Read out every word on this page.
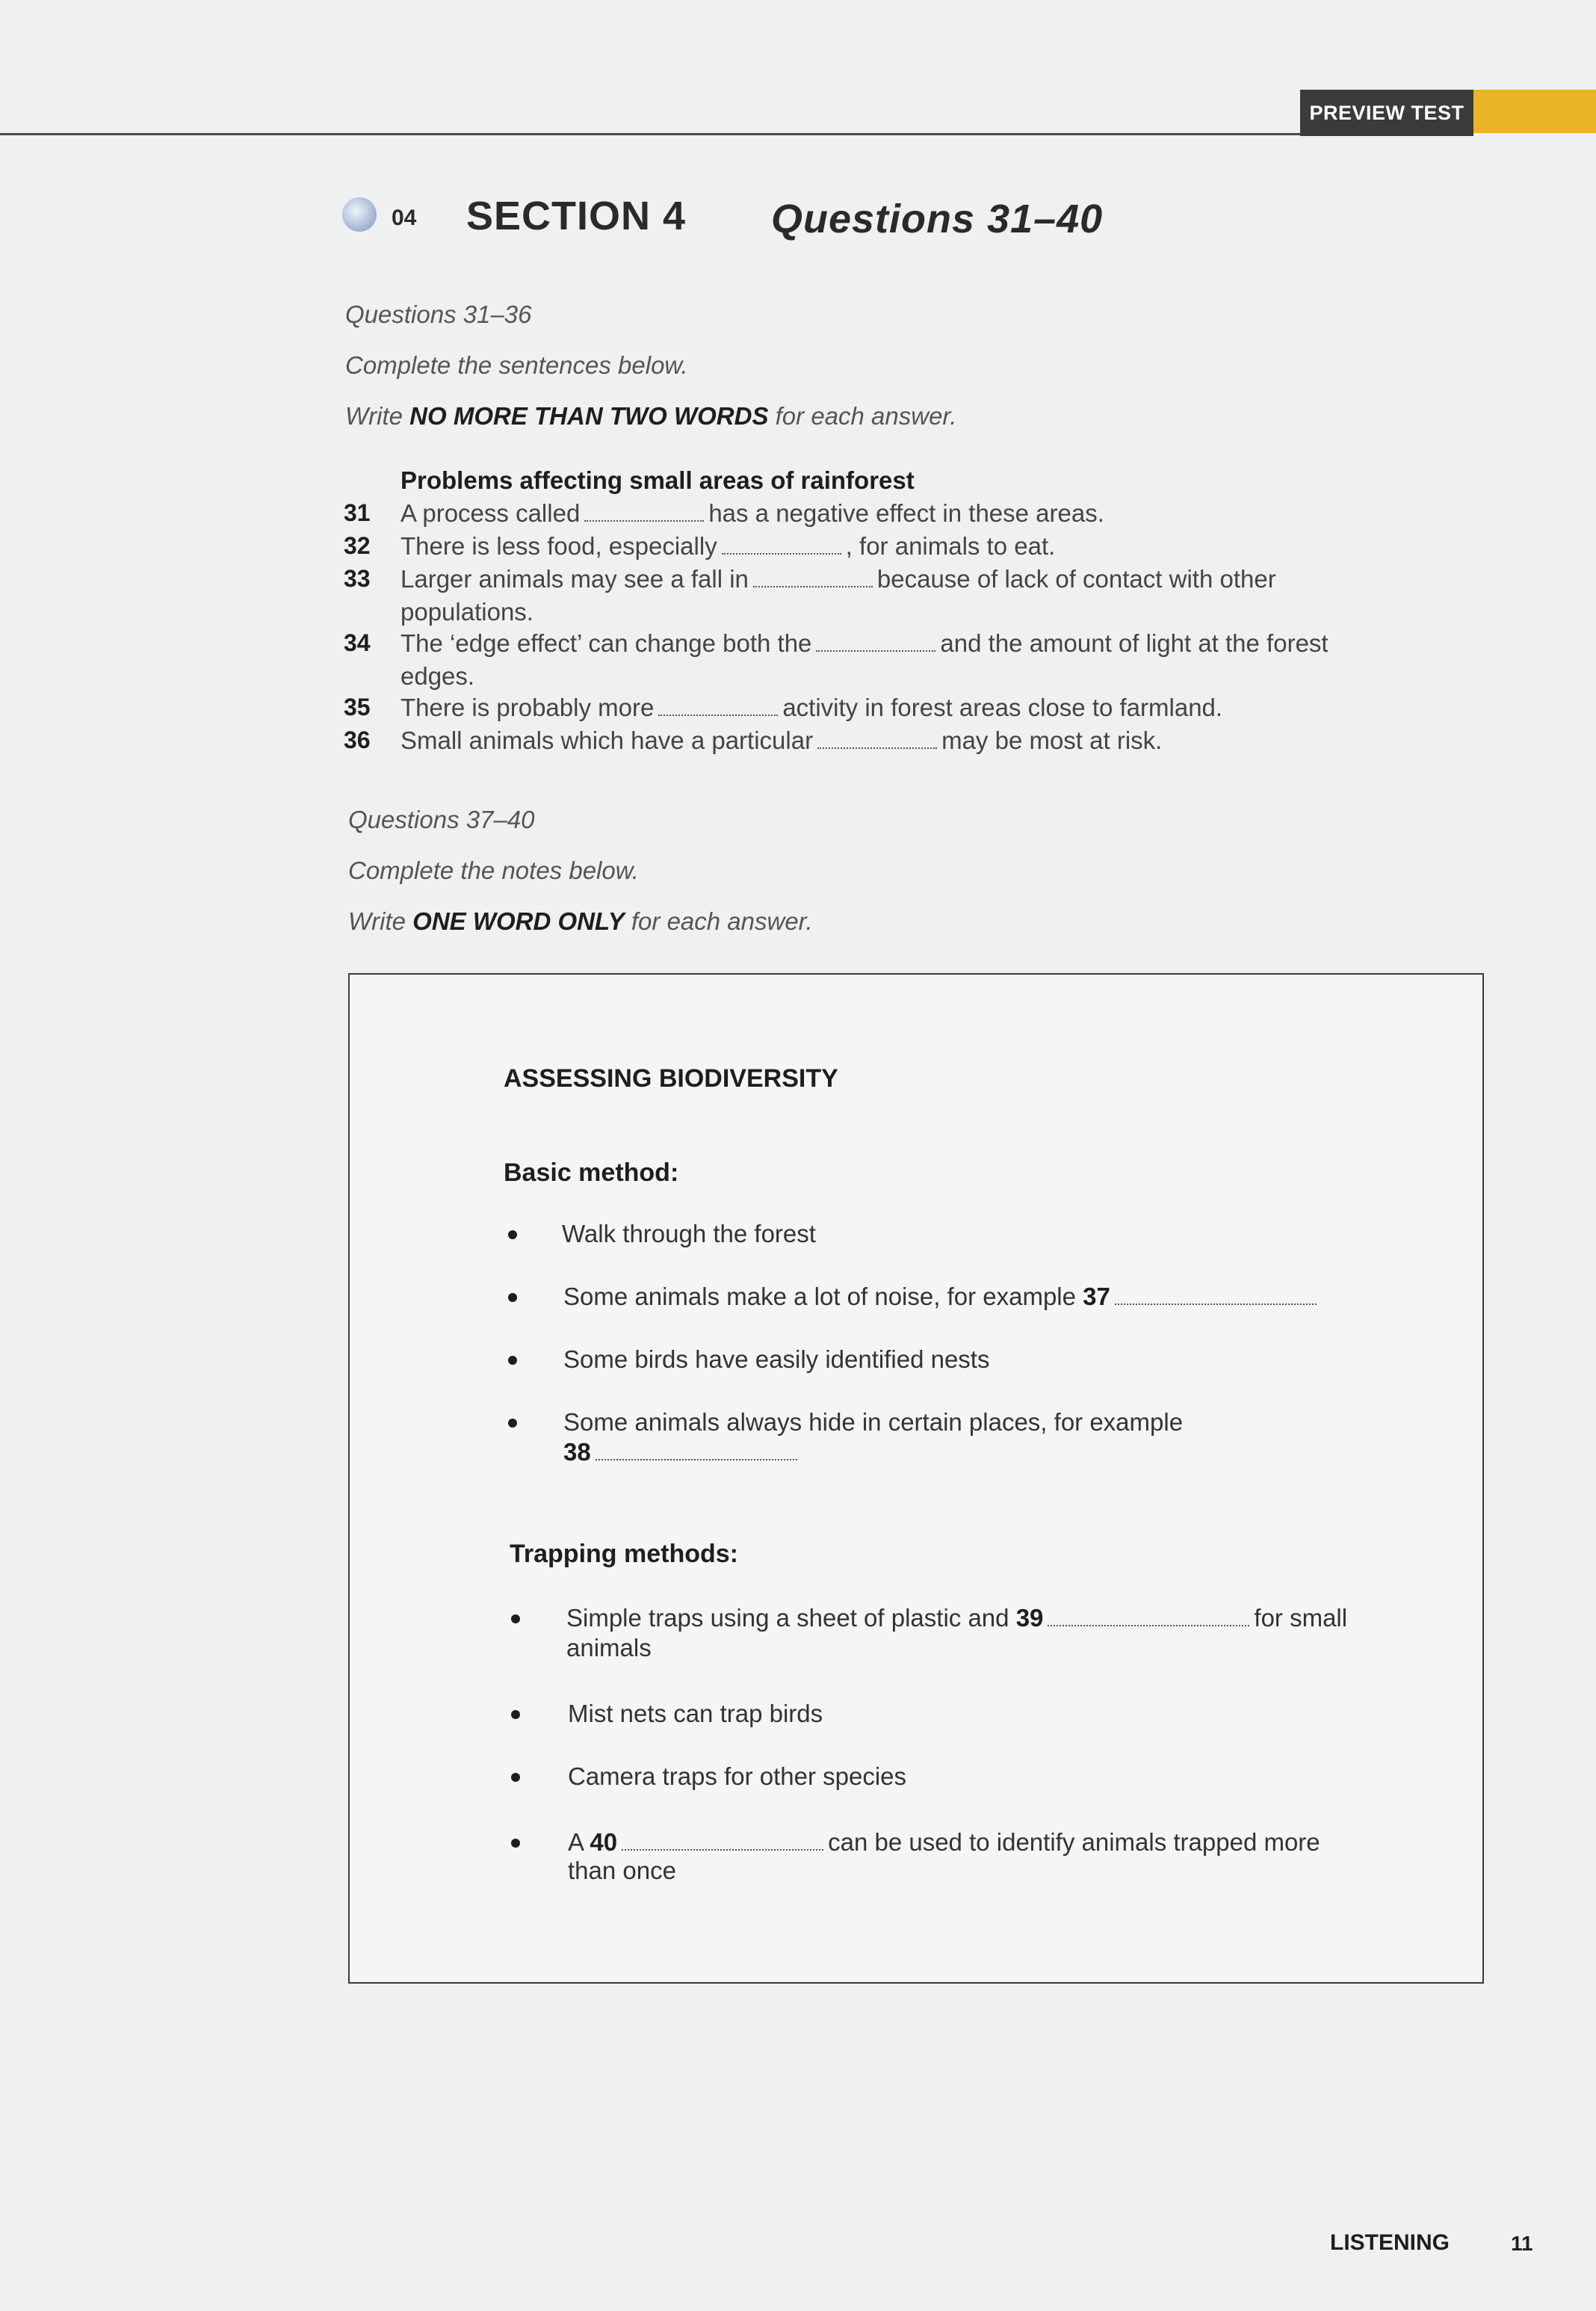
PREVIEW TEST
04 SECTION 4 Questions 31–40
Questions 31–36
Complete the sentences below.
Write NO MORE THAN TWO WORDS for each answer.
Problems affecting small areas of rainforest
31 A process called	has a negative effect in these areas.
32 There is less food, especially	, for animals to eat.
33 Larger animals may see a fall in	because of lack of contact with other
populations.
34 The ‘edge effect’ can change both the	and the amount of light at the forest
edges.
35 There is probably more	activity in forest areas close to farmland.
36 Small animals which have a particular	may be most at risk.
Questions 37–40
Complete the notes below.
Write ONE WORD ONLY for each answer.
ASSESSING BIODIVERSITY
Basic method:
Walk through the forest
Some animals make a lot of noise, for example 37
Some birds have easily identified nests
Some animals always hide in certain places, for example
38
Trapping methods:
Simple traps using a sheet of plastic and 39	for small
animals
Mist nets can trap birds
Camera traps for other species
A 40	can be used to identify animals trapped more
than once
LISTENING	11
